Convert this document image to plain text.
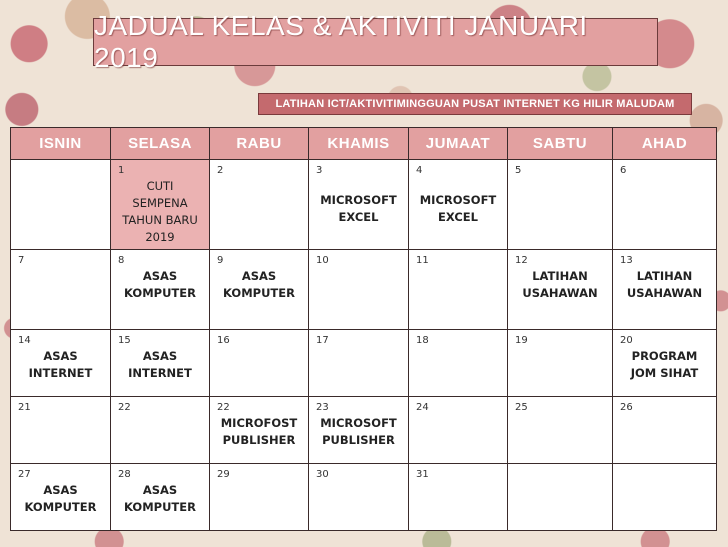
JADUAL KELAS & AKTIVITI JANUARI 2019
LATIHAN ICT/AKTIVITIMINGGUAN PUSAT INTERNET KG HILIR MALUDAM
ISNIN	SELASA	RABU	KHAMIS	JUMAAT	SABTU	AHAD

	1
CUTI
SEMPENA
TAHUN BARU
2019	2	3
MICROSOFT
EXCEL	4
MICROSOFT
EXCEL	5	6

7	8
ASAS
KOMPUTER	9
ASAS
KOMPUTER	10	11	12
LATIHAN
USAHAWAN	13
LATIHAN
USAHAWAN

14
ASAS
INTERNET	15
ASAS
INTERNET	16	17	18	19	20
PROGRAM
JOM SIHAT

21	22	22
MICROFOST
PUBLISHER	23
MICROSOFT
PUBLISHER	24	25	26

27
ASAS
KOMPUTER	28
ASAS
KOMPUTER	29	30	31		
